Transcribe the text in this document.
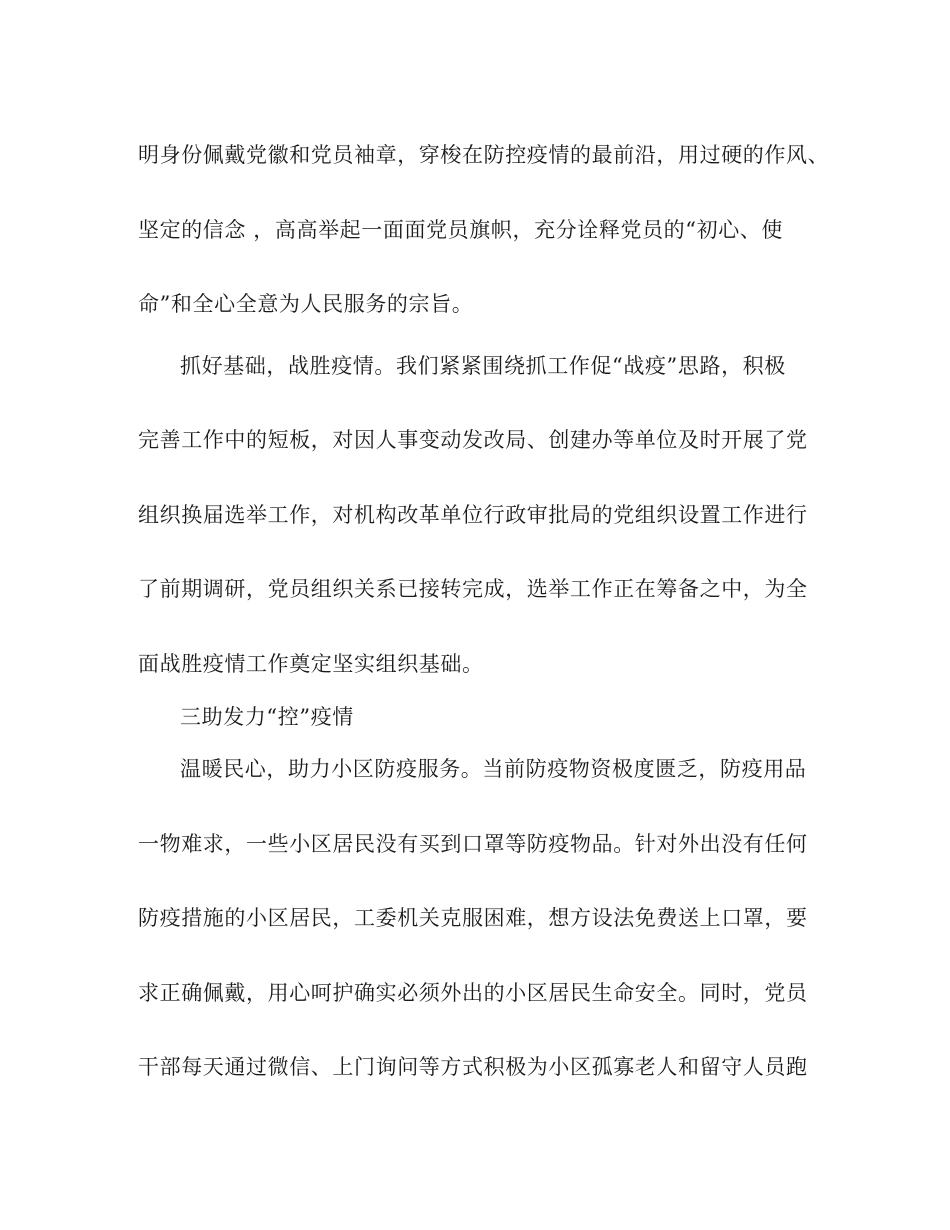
明身份佩戴党徽和党员袖章，穿梭在防控疫情的最前沿，用过硬的作风、
坚定的信念 ，高高举起一面面党员旗帜，充分诠释党员的“初心、使
命”和全心全意为人民服务的宗旨。
抓好基础，战胜疫情。我们紧紧围绕抓工作促“战疫”思路，积极
完善工作中的短板，对因人事变动发改局、创建办等单位及时开展了党
组织换届选举工作，对机构改革单位行政审批局的党组织设置工作进行
了前期调研，党员组织关系已接转完成，选举工作正在筹备之中，为全
面战胜疫情工作奠定坚实组织基础。
三助发力“控”疫情
温暖民心，助力小区防疫服务。当前防疫物资极度匮乏，防疫用品
一物难求，一些小区居民没有买到口罩等防疫物品。针对外出没有任何
防疫措施的小区居民，工委机关克服困难，想方设法免费送上口罩，要
求正确佩戴，用心呵护确实必须外出的小区居民生命安全。同时，党员
干部每天通过微信、上门询问等方式积极为小区孤寡老人和留守人员跑
